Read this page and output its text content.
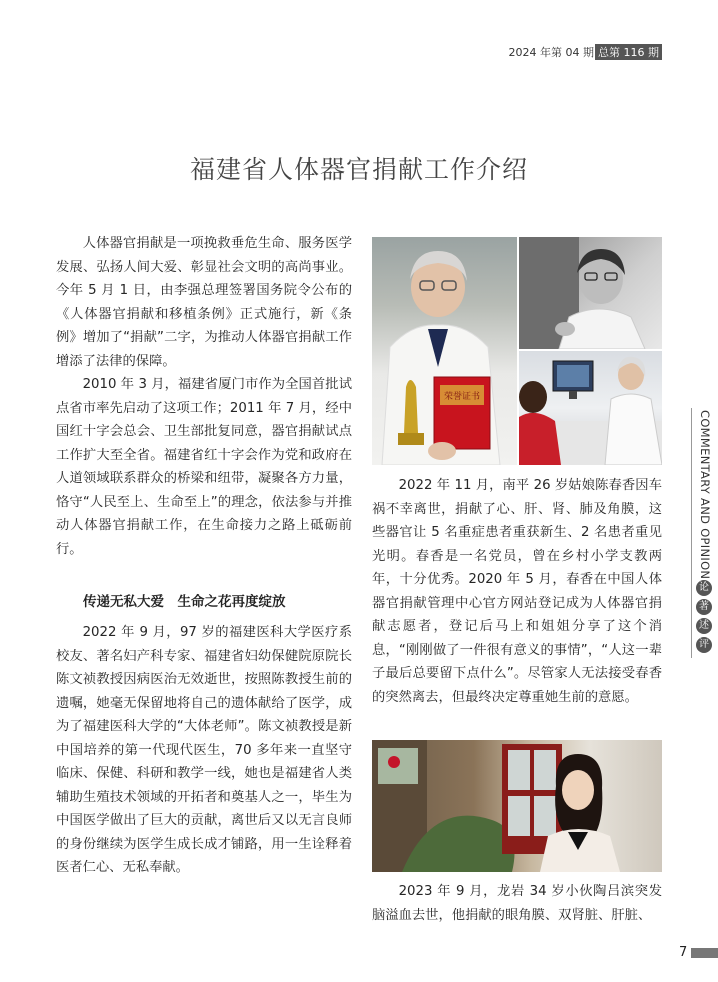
2024 年第 04 期 总第 116 期
福建省人体器官捐献工作介绍

人体器官捐献是一项挽救垂危生命、服务医学发展、弘扬人间大爱、彰显社会文明的高尚事业。今年 5 月 1 日，由李强总理签署国务院令公布的《人体器官捐献和移植条例》正式施行，新《条例》增加了“捐献”二字，为推动人体器官捐献工作增添了法律的保障。

2010 年 3 月，福建省厦门市作为全国首批试点省市率先启动了这项工作；2011 年 7 月，经中国红十字会总会、卫生部批复同意，器官捐献试点工作扩大至全省。福建省红十字会作为党和政府在人道领域联系群众的桥梁和纽带，凝聚各方力量，恪守“人民至上、生命至上”的理念，依法参与并推动人体器官捐献工作，在生命接力之路上砥砺前行。

传递无私大爱　生命之花再度绽放

2022 年 9 月，97 岁的福建医科大学医疗系校友、著名妇产科专家、福建省妇幼保健院原院长陈文祯教授因病医治无效逝世，按照陈教授生前的遗嘱，她毫无保留地将自己的遗体献给了医学，成为了福建医科大学的“大体老师”。陈文祯教授是新中国培养的第一代现代医生，70 多年来一直坚守临床、保健、科研和教学一线，她也是福建省人类辅助生殖技术领域的开拓者和奠基人之一，毕生为中国医学做出了巨大的贡献，离世后又以无言良师的身份继续为医学生成长成才铺路，用一生诠释着医者仁心、无私奉献。

荣誉证书

2022 年 11 月，南平 26 岁姑娘陈春香因车祸不幸离世，捐献了心、肝、肾、肺及角膜，这些器官让 5 名重症患者重获新生、2 名患者重见光明。春香是一名党员，曾在乡村小学支教两年，十分优秀。2020 年 5 月，春香在中国人体器官捐献管理中心官方网站登记成为人体器官捐献志愿者，登记后马上和姐姐分享了这个消息，“刚刚做了一件很有意义的事情”，“人这一辈子最后总要留下点什么”。尽管家人无法接受春香的突然离去，但最终决定尊重她生前的意愿。

2023 年 9 月，龙岩 34 岁小伙陶吕滨突发脑溢血去世，他捐献的眼角膜、双肾脏、肝脏、

COMMENTARY AND OPINION
论
著
述
评
7
